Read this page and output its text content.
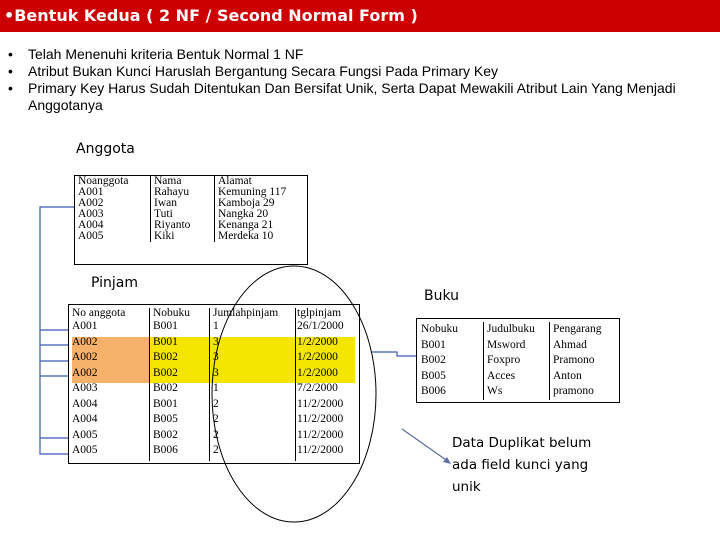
•Bentuk Kedua ( 2 NF / Second Normal Form )
•	Telah Menenuhi kriteria Bentuk Normal 1 NF
•	Atribut Bukan Kunci Haruslah Bergantung Secara Fungsi Pada Primary Key
•	Primary Key Harus Sudah Ditentukan Dan Bersifat Unik, Serta Dapat Mewakili Atribut Lain Yang Menjadi Anggotanya
Anggota
Pinjam
Buku
Noanggota	Nama	Alamat
A001	Rahayu	Kemuning 117
A002	Iwan	Kamboja 29
A003	Tuti	Nangka 20
A004	Riyanto	Kenanga 21
A005	Kiki	Merdeka 10
No anggota	Nobuku	Jumlahpinjam	tglpinjam
A001	B001	1	26/1/2000
A002	B001	3	1/2/2000
A002	B002	3	1/2/2000
A002	B002	3	1/2/2000
A003	B002	1	7/2/2000
A004	B001	2	11/2/2000
A004	B005	2	11/2/2000
A005	B002	2	11/2/2000
A005	B006	2	11/2/2000
Nobuku	Judulbuku	Pengarang
B001	Msword	Ahmad
B002	Foxpro	Pramono
B005	Acces	Anton
B006	Ws	pramono
Data Duplikat belum
ada field kunci yang
unik
